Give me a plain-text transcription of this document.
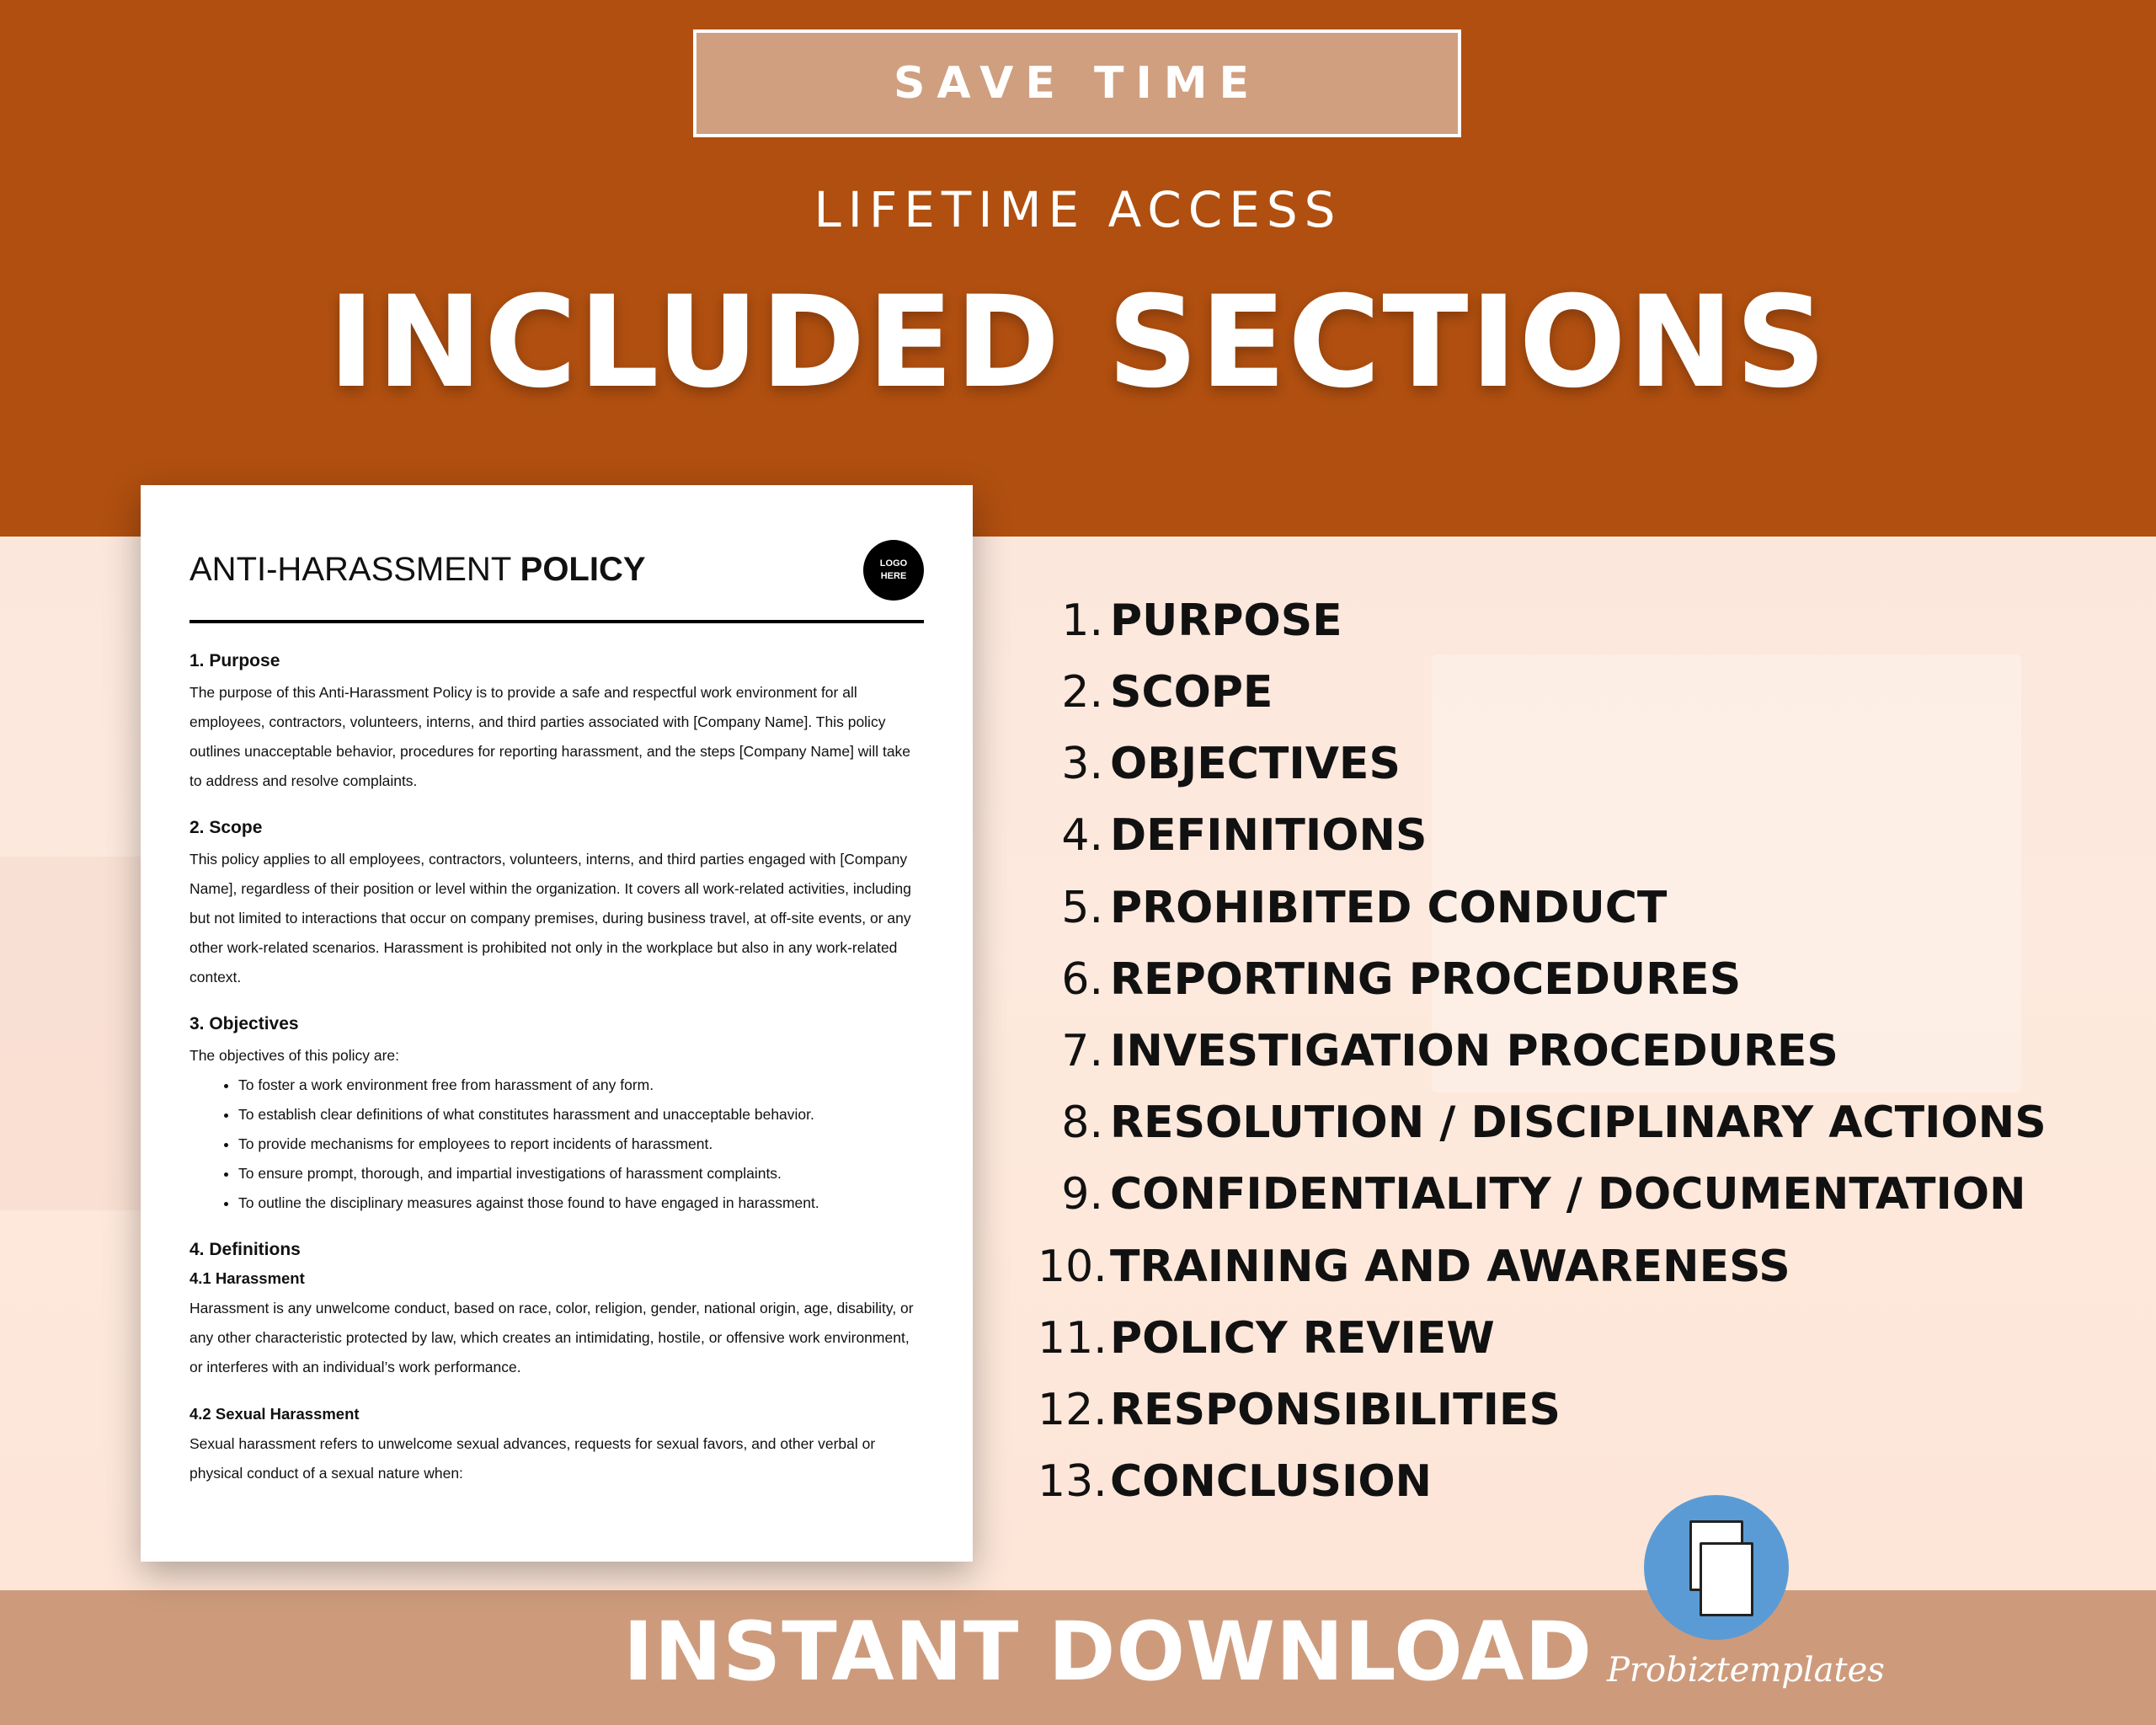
SAVE TIME
LIFETIME ACCESS
INCLUDED SECTIONS
ANTI-HARASSMENT POLICY	LOGO
HERE
1. Purpose

The purpose of this Anti-Harassment Policy is to provide a safe and respectful work environment for all employees, contractors, volunteers, interns, and third parties associated with [Company Name]. This policy outlines unacceptable behavior, procedures for reporting harassment, and the steps [Company Name] will take to address and resolve complaints.

2. Scope

This policy applies to all employees, contractors, volunteers, interns, and third parties engaged with [Company Name], regardless of their position or level within the organization. It covers all work-related activities, including but not limited to interactions that occur on company premises, during business travel, at off-site events, or any other work-related scenarios. Harassment is prohibited not only in the workplace but also in any work-related context.

3. Objectives

The objectives of this policy are:

• To foster a work environment free from harassment of any form.
• To establish clear definitions of what constitutes harassment and unacceptable behavior.
• To provide mechanisms for employees to report incidents of harassment.
• To ensure prompt, thorough, and impartial investigations of harassment complaints.
• To outline the disciplinary measures against those found to have engaged in harassment.
4. Definitions
4.1 Harassment

Harassment is any unwelcome conduct, based on race, color, religion, gender, national origin, age, disability, or any other characteristic protected by law, which creates an intimidating, hostile, or offensive work environment, or interferes with an individual’s work performance.

4.2 Sexual Harassment

Sexual harassment refers to unwelcome sexual advances, requests for sexual favors, and other verbal or physical conduct of a sexual nature when:

1. PURPOSE
2. SCOPE
3. OBJECTIVES
4. DEFINITIONS
5. PROHIBITED CONDUCT
6. REPORTING PROCEDURES
7. INVESTIGATION PROCEDURES
8. RESOLUTION / DISCIPLINARY ACTIONS
9. CONFIDENTIALITY / DOCUMENTATION
10. TRAINING AND AWARENESS
11. POLICY REVIEW
12. RESPONSIBILITIES
13. CONCLUSION
INSTANT DOWNLOAD Probiztemplates
